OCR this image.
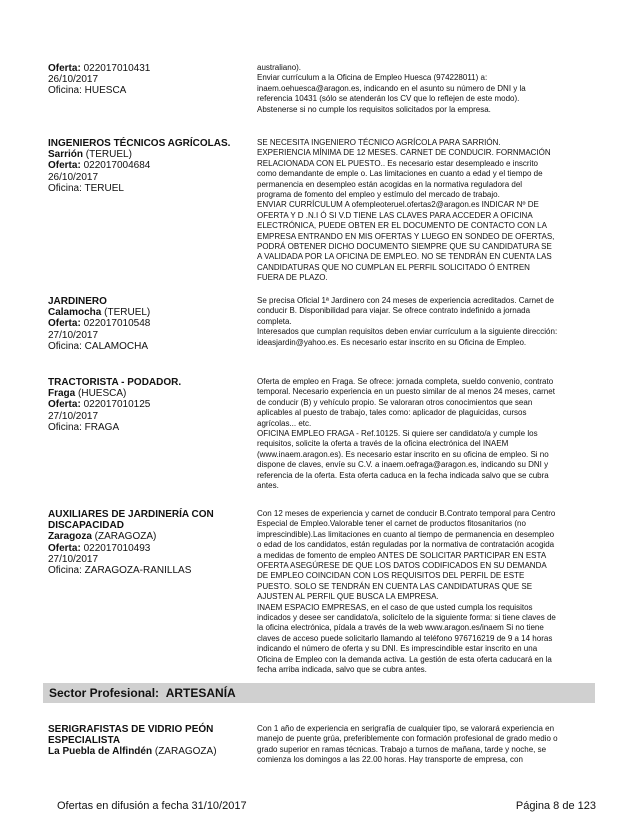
Oferta: 022017010431
26/10/2017
Oficina: HUESCA
australiano).
Enviar currículum a la Oficina de Empleo Huesca (974228011) a:
inaem.oehuesca@aragon.es, indicando en el asunto su número de DNI y la
referencia 10431 (sólo se atenderán los CV que lo reflejen de este modo).
Abstenerse si no cumple los requisitos solicitados por la empresa.
INGENIEROS TÉCNICOS AGRÍCOLAS.
Sarrión (TERUEL)
Oferta: 022017004684
26/10/2017
Oficina: TERUEL
SE NECESITA INGENIERO TÉCNICO AGRÍCOLA PARA SARRIÓN.
EXPERIENCIA MÍNIMA DE 12 MESES. CARNET DE CONDUCIR. FORNMACIÓN
RELACIONADA CON EL PUESTO.. Es necesario estar desempleado e inscrito
como demandante de emple o. Las limitaciones en cuanto a edad y el tiempo de
permanencia en desempleo están acogidas en la normativa reguladora del
programa de fomento del empleo y estímulo del mercado de trabajo.
ENVIAR CURRÍCULUM A ofempleoteruel.ofertas2@aragon.es INDICAR Nº DE
OFERTA Y D .N.I Ó SI V.D TIENE LAS CLAVES PARA ACCEDER A OFICINA
ELECTRÓNICA, PUEDE OBTEN ER EL DOCUMENTO DE CONTACTO CON LA
EMPRESA ENTRANDO EN MIS OFERTAS Y LUEGO EN SONDEO DE OFERTAS,
PODRÁ OBTENER DICHO DOCUMENTO SIEMPRE QUE SU CANDIDATURA SE
A VALIDADA POR LA OFICINA DE EMPLEO. NO SE TENDRÁN EN CUENTA LAS
CANDIDATURAS QUE NO CUMPLAN EL PERFIL SOLICITADO Ó ENTREN
FUERA DE PLAZO.
JARDINERO
Calamocha (TERUEL)
Oferta: 022017010548
27/10/2017
Oficina: CALAMOCHA
Se precisa Oficial 1ª Jardinero con 24 meses de experiencia acreditados. Carnet de
conducir B. Disponibilidad para viajar. Se ofrece contrato indefinido a jornada
completa.
Interesados que cumplan requisitos deben enviar currículum a la siguiente dirección:
ideasjardin@yahoo.es. Es necesario estar inscrito en su Oficina de Empleo.
TRACTORISTA - PODADOR.
Fraga (HUESCA)
Oferta: 022017010125
27/10/2017
Oficina: FRAGA
Oferta de empleo en Fraga. Se ofrece: jornada completa, sueldo convenio, contrato
temporal. Necesario experiencia en un puesto similar de al menos 24 meses, carnet
de conducir (B) y vehículo propio. Se valoraran otros conocimientos que sean
aplicables al puesto de trabajo, tales como: aplicador de plaguicidas, cursos
agrícolas... etc.
OFICINA EMPLEO FRAGA - Ref.10125. Si quiere ser candidato/a y cumple los
requisitos, solicite la oferta a través de la oficina electrónica del INAEM
(www.inaem.aragon.es). Es necesario estar inscrito en su oficina de empleo. Si no
dispone de claves, envíe su C.V. a inaem.oefraga@aragon.es, indicando su DNI y
referencia de la oferta. Esta oferta caduca en la fecha indicada salvo que se cubra
antes.
AUXILIARES DE JARDINERÍA CON DISCAPACIDAD
Zaragoza (ZARAGOZA)
Oferta: 022017010493
27/10/2017
Oficina: ZARAGOZA-RANILLAS
Con 12 meses de experiencia y carnet de conducir B.Contrato temporal para Centro
Especial de Empleo.Valorable tener el carnet de productos fitosanitarios (no
imprescindible).Las limitaciones en cuanto al tiempo de permanencia en desempleo
o edad de los candidatos, están reguladas por la normativa de contratación acogida
a medidas de fomento de empleo ANTES DE SOLICITAR PARTICIPAR EN ESTA
OFERTA ASEGÚRESE DE QUE LOS DATOS CODIFICADOS EN SU DEMANDA
DE EMPLEO COINCIDAN CON LOS REQUISITOS DEL PERFIL DE ESTE
PUESTO. SOLO SE TENDRÁN EN CUENTA LAS CANDIDATURAS QUE SE
AJUSTEN AL PERFIL QUE BUSCA LA EMPRESA.
INAEM ESPACIO EMPRESAS, en el caso de que usted cumpla los requisitos
indicados y desee ser candidato/a, solicítelo de la siguiente forma: si tiene claves de
la oficina electrónica, pídala a través de la web www.aragon.es/inaem Si no tiene
claves de acceso puede solicitarlo llamando al teléfono 976716219 de 9 a 14 horas
indicando el número de oferta y su DNI. Es imprescindible estar inscrito en una
Oficina de Empleo con la demanda activa. La gestión de esta oferta caducará en la
fecha arriba indicada, salvo que se cubra antes.
Sector Profesional: ARTESANÍA
SERIGRAFISTAS DE VIDRIO PEÓN ESPECIALISTA
La Puebla de Alfindén (ZARAGOZA)
Con 1 año de experiencia en serigrafía de cualquier tipo, se valorará experiencia en
manejo de puente grúa, preferiblemente con formación profesional de grado medio o
grado superior en ramas técnicas. Trabajo a turnos de mañana, tarde y noche, se
comienza los domingos a las 22.00 horas. Hay transporte de empresa, con
Ofertas en difusión a fecha 31/10/2017	Página 8 de 123
